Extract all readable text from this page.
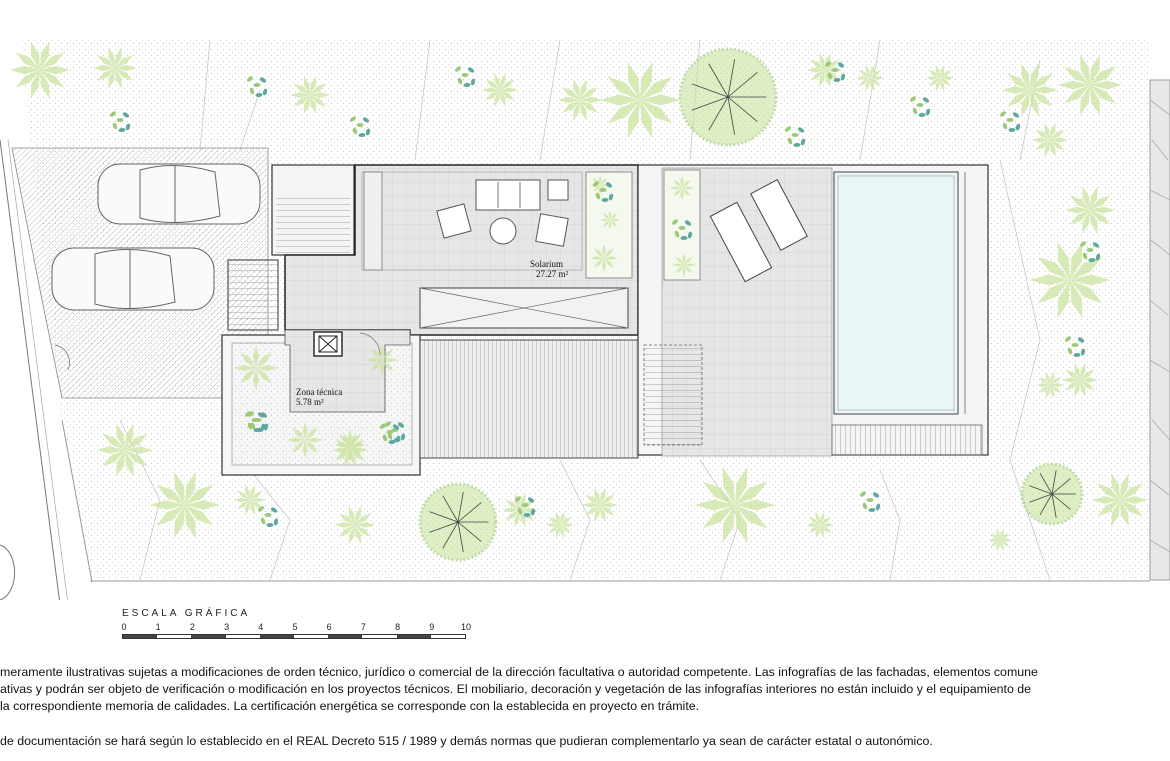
Solarium
27.27 m²
Zona técnica
5.78 m²
ESCALA GRÁFICA
0	1	2	3	4	5	6	7	8	9	10
meramente ilustrativas sujetas a modificaciones de orden técnico, jurídico o comercial de la dirección facultativa o autoridad competente. Las infografías de las fachadas, elementos comune
ativas y podrán ser objeto de verificación o modificación en los proyectos técnicos. El mobiliario, decoración y vegetación de las infografías interiores no están incluido y el equipamiento de
la correspondiente memoria de calidades. La certificación energética se corresponde con la establecida en proyecto en trámite.
de documentación se hará según lo establecido en el REAL Decreto 515 / 1989 y demás normas que pudieran complementarlo ya sean de carácter estatal o autonómico.
